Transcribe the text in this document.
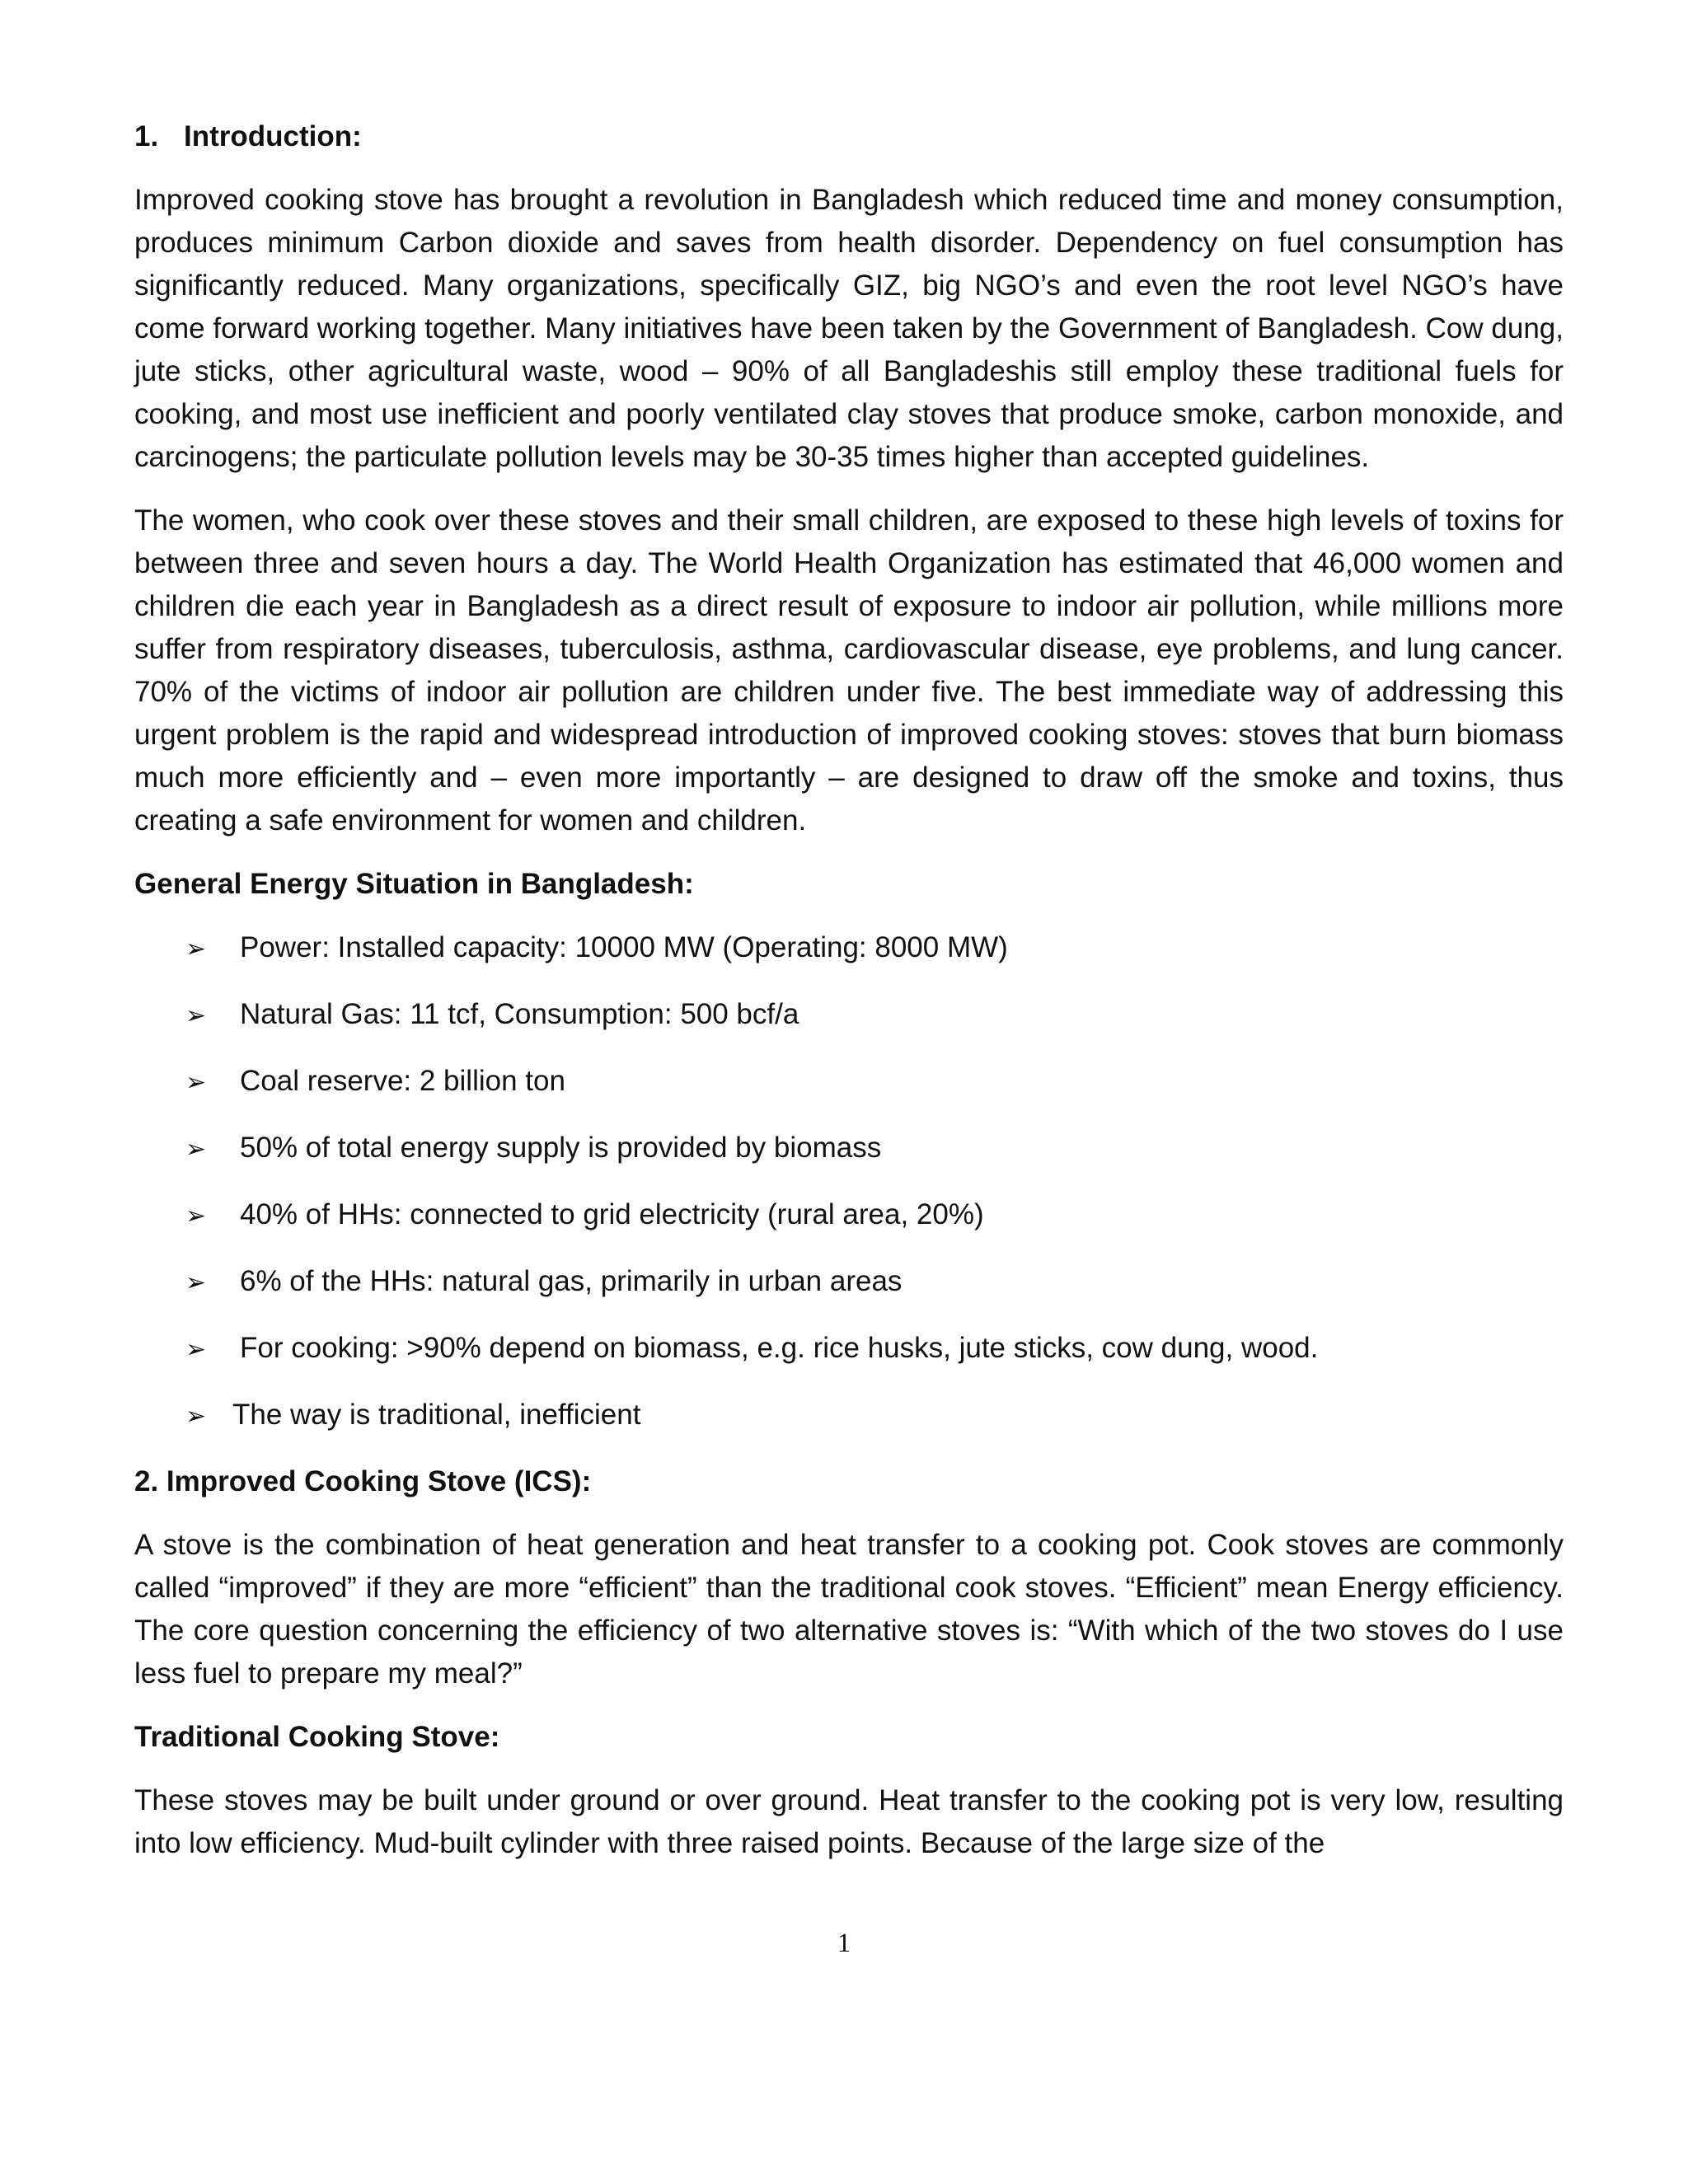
1. Introduction:

Improved cooking stove has brought a revolution in Bangladesh which reduced time and money consumption, produces minimum Carbon dioxide and saves from health disorder. Dependency on fuel consumption has significantly reduced. Many organizations, specifically GIZ, big NGO’s and even the root level NGO’s have come forward working together. Many initiatives have been taken by the Government of Bangladesh. Cow dung, jute sticks, other agricultural waste, wood – 90% of all Bangladeshis still employ these traditional fuels for cooking, and most use inefficient and poorly ventilated clay stoves that produce smoke, carbon monoxide, and carcinogens; the particulate pollution levels may be 30-35 times higher than accepted guidelines.

The women, who cook over these stoves and their small children, are exposed to these high levels of toxins for between three and seven hours a day. The World Health Organization has estimated that 46,000 women and children die each year in Bangladesh as a direct result of exposure to indoor air pollution, while millions more suffer from respiratory diseases, tuberculosis, asthma, cardiovascular disease, eye problems, and lung cancer. 70% of the victims of indoor air pollution are children under five. The best immediate way of addressing this urgent problem is the rapid and widespread introduction of improved cooking stoves: stoves that burn biomass much more efficiently and – even more importantly – are designed to draw off the smoke and toxins, thus creating a safe environment for women and children.

General Energy Situation in Bangladesh:
➢	Power: Installed capacity: 10000 MW (Operating: 8000 MW)
➢	Natural Gas: 11 tcf, Consumption: 500 bcf/a
➢	Coal reserve: 2 billion ton
➢	50% of total energy supply is provided by biomass
➢	40% of HHs: connected to grid electricity (rural area, 20%)
➢	6% of the HHs: natural gas, primarily in urban areas
➢	For cooking: >90% depend on biomass, e.g. rice husks, jute sticks, cow dung, wood.
➢ The way is traditional, inefficient
2. Improved Cooking Stove (ICS):

A stove is the combination of heat generation and heat transfer to a cooking pot. Cook stoves are commonly called “improved” if they are more “efficient” than the traditional cook stoves. “Efficient” mean Energy efficiency. The core question concerning the efficiency of two alternative stoves is: “With which of the two stoves do I use less fuel to prepare my meal?”

Traditional Cooking Stove:

These stoves may be built under ground or over ground. Heat transfer to the cooking pot is very low, resulting into low efficiency. Mud-built cylinder with three raised points. Because of the large size of the

1
